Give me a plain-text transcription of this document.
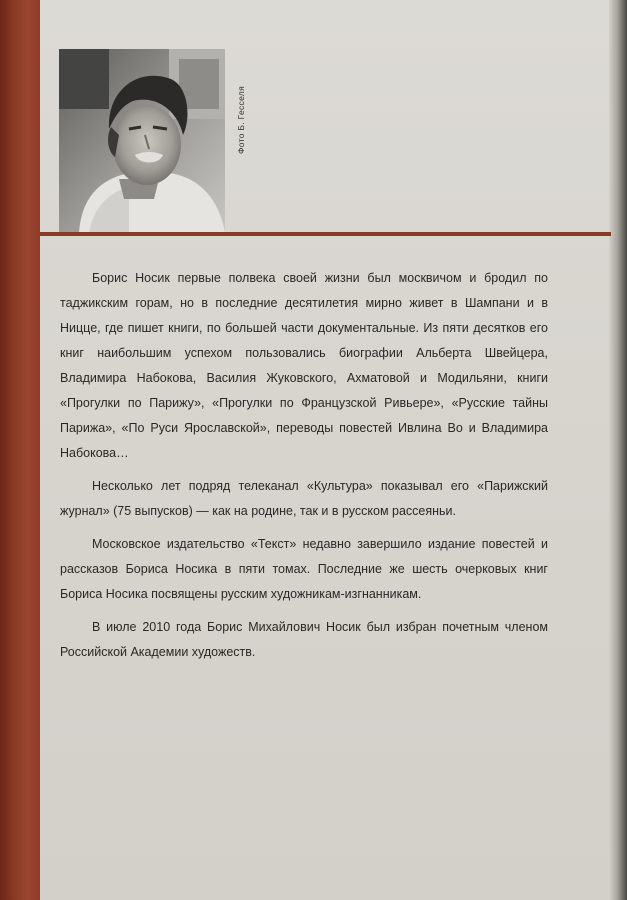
Фото Б. Гесселя

Борис Носик первые полвека своей жизни был москвичом и бродил по таджикским горам, но в последние десятилетия мирно живет в Шампани и в Ницце, где пишет книги, по большей части документальные. Из пяти десятков его книг наибольшим успехом пользовались биографии Альберта Швейцера, Владимира Набокова, Василия Жуковского, Ахматовой и Модильяни, книги «Прогулки по Парижу», «Прогулки по Французской Ривьере», «Русские тайны Парижа», «По Руси Ярославской», переводы повестей Ивлина Во и Владимира Набокова…

Несколько лет подряд телеканал «Культура» показывал его «Парижский журнал» (75 выпусков) — как на родине, так и в русском рассеяньи.

Московское издательство «Текст» недавно завершило издание повестей и рассказов Бориса Носика в пяти томах. Последние же шесть очерковых книг Бориса Носика посвящены русским художникам-изгнанникам.

В июле 2010 года Борис Михайлович Носик был избран почетным членом Российской Академии художеств.
